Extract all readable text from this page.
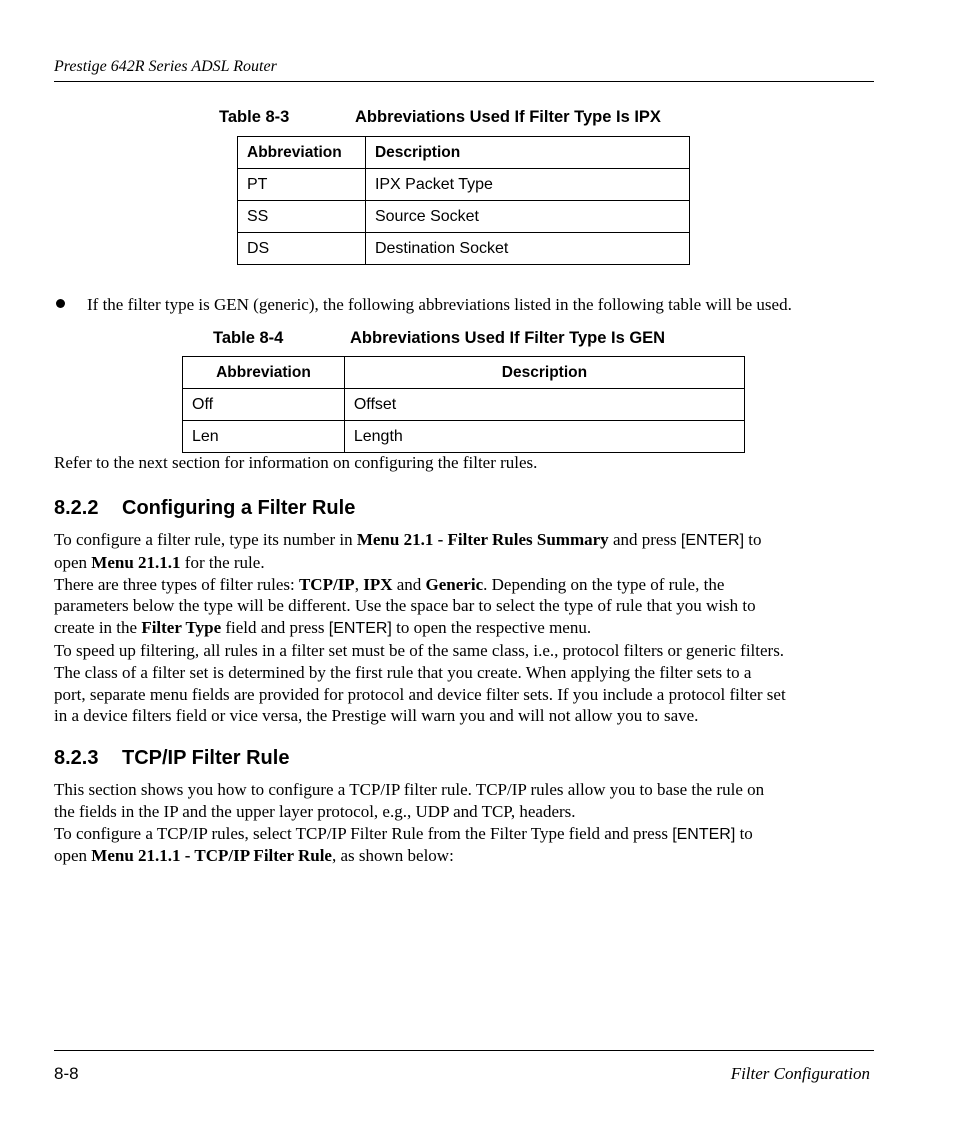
Prestige 642R Series ADSL Router
Table 8-3	Abbreviations Used If Filter Type Is IPX
Abbreviation	Description
PT	IPX Packet Type
SS	Source Socket
DS	Destination Socket
If the filter type is GEN (generic), the following abbreviations listed in the following table will be used.
Table 8-4	Abbreviations Used If Filter Type Is GEN
Abbreviation	Description
Off	Offset
Len	Length
Refer to the next section for information on configuring the filter rules.
8.2.2 Configuring a Filter Rule
To configure a filter rule, type its number in Menu 21.1 - Filter Rules Summary and press [ENTER] to
open Menu 21.1.1 for the rule.
There are three types of filter rules: TCP/IP, IPX and Generic. Depending on the type of rule, the
parameters below the type will be different. Use the space bar to select the type of rule that you wish to
create in the Filter Type field and press [ENTER] to open the respective menu.
To speed up filtering, all rules in a filter set must be of the same class, i.e., protocol filters or generic filters.
The class of a filter set is determined by the first rule that you create. When applying the filter sets to a
port, separate menu fields are provided for protocol and device filter sets. If you include a protocol filter set
in a device filters field or vice versa, the Prestige will warn you and will not allow you to save.
8.2.3 TCP/IP Filter Rule
This section shows you how to configure a TCP/IP filter rule. TCP/IP rules allow you to base the rule on
the fields in the IP and the upper layer protocol, e.g., UDP and TCP, headers.
To configure a TCP/IP rules, select TCP/IP Filter Rule from the Filter Type field and press [ENTER] to
open Menu 21.1.1 - TCP/IP Filter Rule, as shown below:
8-8	Filter Configuration
